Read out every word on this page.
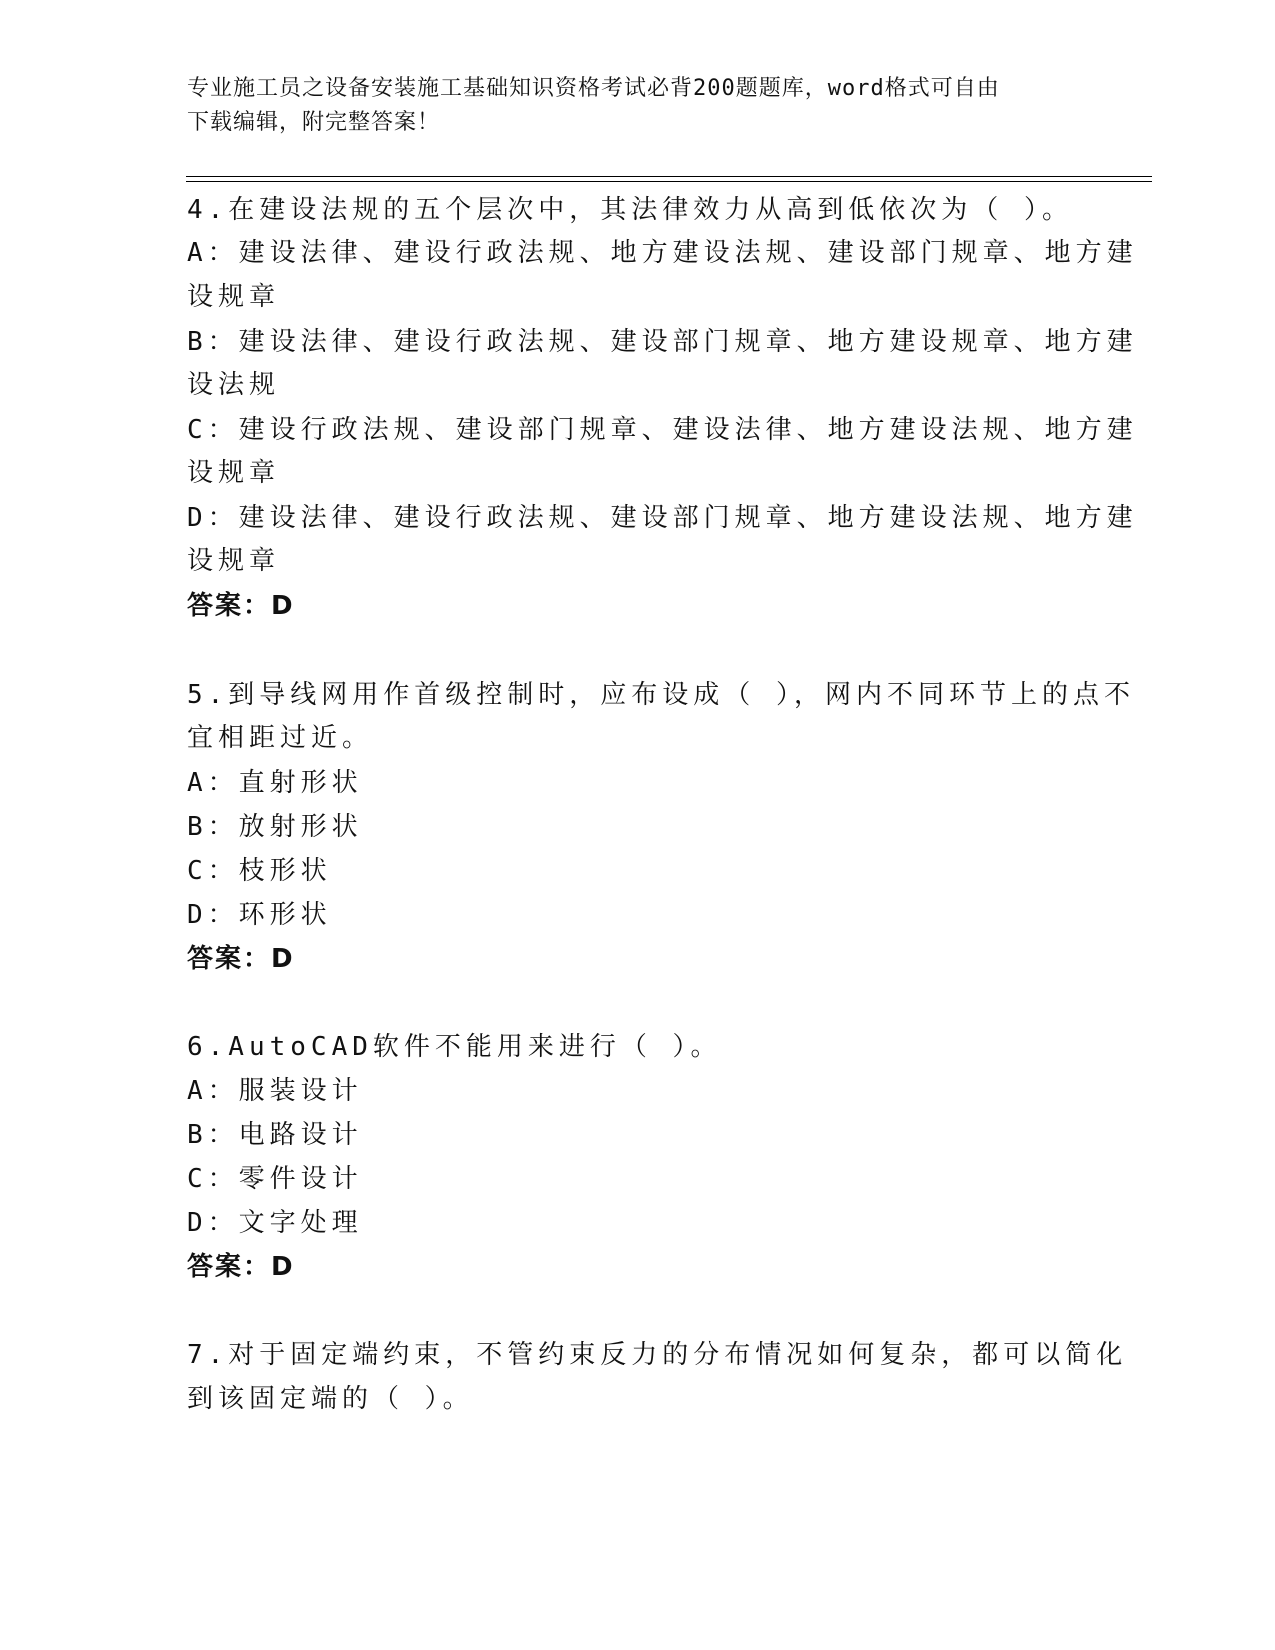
专业施工员之设备安装施工基础知识资格考试必背200题题库，word格式可自由
下载编辑，附完整答案！
4.在建设法规的五个层次中，其法律效力从高到低依次为（ ）。
A：建设法律、建设行政法规、地方建设法规、建设部门规章、地方建
设规章
B：建设法律、建设行政法规、建设部门规章、地方建设规章、地方建
设法规
C：建设行政法规、建设部门规章、建设法律、地方建设法规、地方建
设规章
D：建设法律、建设行政法规、建设部门规章、地方建设法规、地方建
设规章
答案：D
5.到导线网用作首级控制时，应布设成（ ），网内不同环节上的点不
宜相距过近。
A：直射形状
B：放射形状
C：枝形状
D：环形状
答案：D
6.AutoCAD软件不能用来进行（ ）。
A：服装设计
B：电路设计
C：零件设计
D：文字处理
答案：D
7.对于固定端约束，不管约束反力的分布情况如何复杂，都可以简化
到该固定端的（ ）。
